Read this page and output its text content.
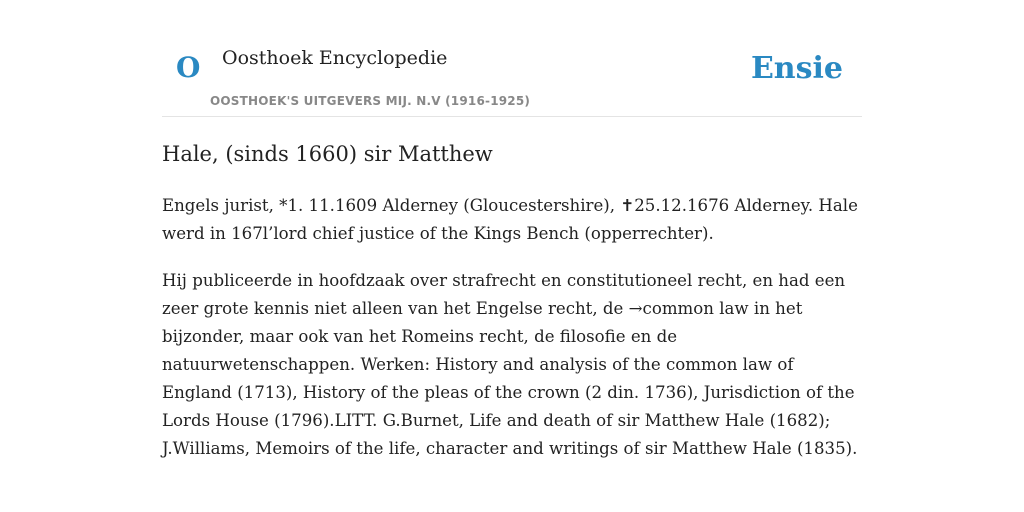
O Oosthoek Encyclopedie
OOSTHOEK'S UITGEVERS MIJ. N.V (1916-1925)
Ensie
Hale, (sinds 1660) sir Matthew

Engels jurist, *1. 11.1609 Alderney (Gloucestershire), ✝25.12.1676 Alderney. Hale werd in 167l’lord chief justice of the Kings Bench (opperrechter).

Hij publiceerde in hoofdzaak over strafrecht en constitutioneel recht, en had een zeer grote kennis niet alleen van het Engelse recht, de →common law in het bijzonder, maar ook van het Romeins recht, de filosofie en de natuurwetenschappen. Werken: History and analysis of the common law of England (1713), History of the pleas of the crown (2 din. 1736), Jurisdiction of the Lords House (1796).LITT. G.Burnet, Life and death of sir Matthew Hale (1682); J.Williams, Memoirs of the life, character and writings of sir Matthew Hale (1835).
